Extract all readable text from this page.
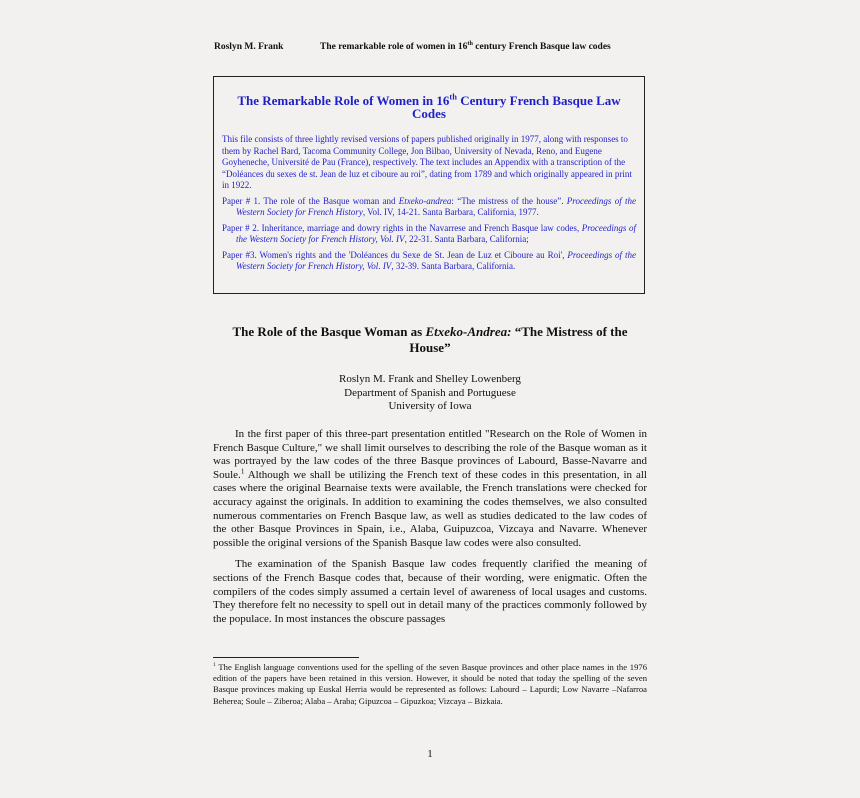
Roslyn M. Frank	The remarkable role of women in 16th century French Basque law codes
The Remarkable Role of Women in 16th Century French Basque Law Codes

This file consists of three lightly revised versions of papers published originally in 1977, along with responses to them by Rachel Bard, Tacoma Community College, Jon Bilbao, University of Nevada, Reno, and Eugene Goyheneche, Université de Pau (France), respectively. The text includes an Appendix with a transcription of the “Doléances du sexes de st. Jean de luz et ciboure au roi”, dating from 1789 and which originally appeared in print in 1922.

Paper # 1. The role of the Basque woman and Etxeko-andrea: “The mistress of the house”. Proceedings of the Western Society for French History, Vol. IV, 14-21. Santa Barbara, California, 1977.

Paper # 2. Inheritance, marriage and dowry rights in the Navarrese and French Basque law codes, Proceedings of the Western Society for French History, Vol. IV, 22-31. Santa Barbara, California;

Paper #3. Women's rights and the 'Doléances du Sexe de St. Jean de Luz et Ciboure au Roi', Proceedings of the Western Society for French History, Vol. IV, 32-39. Santa Barbara, California.

The Role of the Basque Woman as Etxeko-Andrea: “The Mistress of the House”
Roslyn M. Frank and Shelley Lowenberg
Department of Spanish and Portuguese
University of Iowa

In the first paper of this three-part presentation entitled "Research on the Role of Women in French Basque Culture," we shall limit ourselves to describing the role of the Basque woman as it was portrayed by the law codes of the three Basque provinces of Labourd, Basse-Navarre and Soule.$^1$ Although we shall be utilizing the French text of these codes in this presentation, in all cases where the original Bearnaise texts were available, the French translations were checked for accuracy against the originals. In addition to examining the codes themselves, we also consulted numerous commentaries on French Basque law, as well as studies dedicated to the law codes of the other Basque Provinces in Spain, i.e., Alaba, Guipuzcoa, Vizcaya and Navarre. Whenever possible the original versions of the Spanish Basque law codes were also consulted.

The examination of the Spanish Basque law codes frequently clarified the meaning of sections of the French Basque codes that, because of their wording, were enigmatic. Often the compilers of the codes simply assumed a certain level of awareness of local usages and customs. They therefore felt no necessity to spell out in detail many of the practices commonly followed by the populace. In most instances the obscure passages

$^1$ The English language conventions used for the spelling of the seven Basque provinces and other place names in the 1976 edition of the papers have been retained in this version. However, it should be noted that today the spelling of the seven Basque provinces making up Euskal Herria would be represented as follows: Labourd – Lapurdi; Low Navarre –Nafarroa Beherea; Soule – Ziberoa; Alaba – Araba; Gipuzcoa – Gipuzkoa; Vizcaya – Bizkaia.
1
